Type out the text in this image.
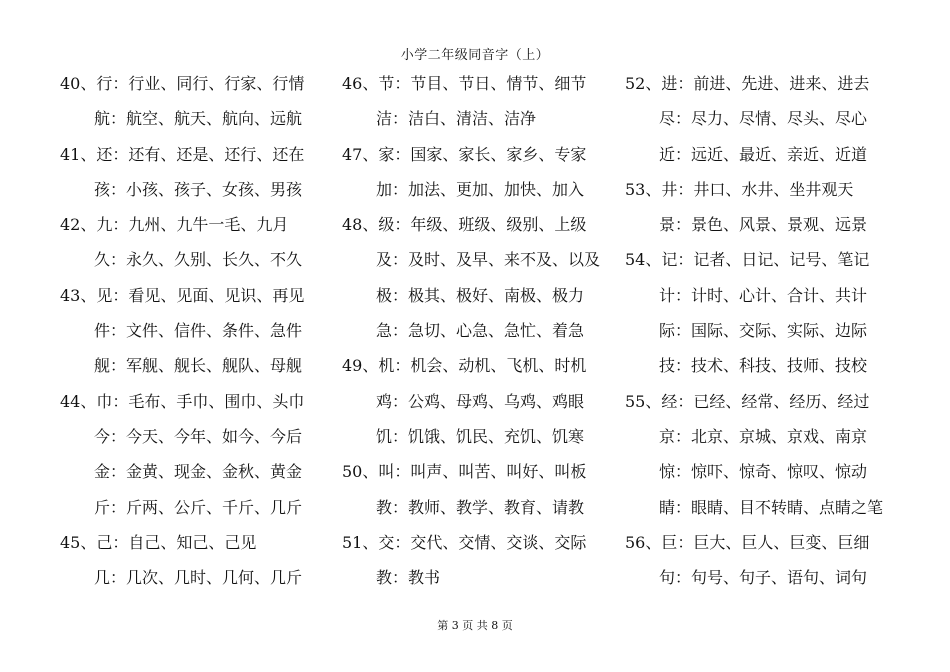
小学二年级同音字（上）
40、行：行业、同行、行家、行情
航：航空、航天、航向、远航
41、还：还有、还是、还行、还在
孩：小孩、孩子、女孩、男孩
42、九：九州、九牛一毛、九月
久：永久、久别、长久、不久
43、见：看见、见面、见识、再见
件：文件、信件、条件、急件
舰：军舰、舰长、舰队、母舰
44、巾：毛布、手巾、围巾、头巾
今：今天、今年、如今、今后
金：金黄、现金、金秋、黄金
斤：斤两、公斤、千斤、几斤
45、己：自己、知己、己见
几：几次、几时、几何、几斤
46、节：节目、节日、情节、细节
洁：洁白、清洁、洁净
47、家：国家、家长、家乡、专家
加：加法、更加、加快、加入
48、级：年级、班级、级别、上级
及：及时、及早、来不及、以及
极：极其、极好、南极、极力
急：急切、心急、急忙、着急
49、机：机会、动机、飞机、时机
鸡：公鸡、母鸡、乌鸡、鸡眼
饥：饥饿、饥民、充饥、饥寒
50、叫：叫声、叫苦、叫好、叫板
教：教师、教学、教育、请教
51、交：交代、交情、交谈、交际
教：教书
52、进：前进、先进、进来、进去
尽：尽力、尽情、尽头、尽心
近：远近、最近、亲近、近道
53、井：井口、水井、坐井观天
景：景色、风景、景观、远景
54、记：记者、日记、记号、笔记
计：计时、心计、合计、共计
际：国际、交际、实际、边际
技：技术、科技、技师、技校
55、经：已经、经常、经历、经过
京：北京、京城、京戏、南京
惊：惊吓、惊奇、惊叹、惊动
睛：眼睛、目不转睛、点睛之笔
56、巨：巨大、巨人、巨变、巨细
句：句号、句子、语句、词句
第 3 页 共 8 页
